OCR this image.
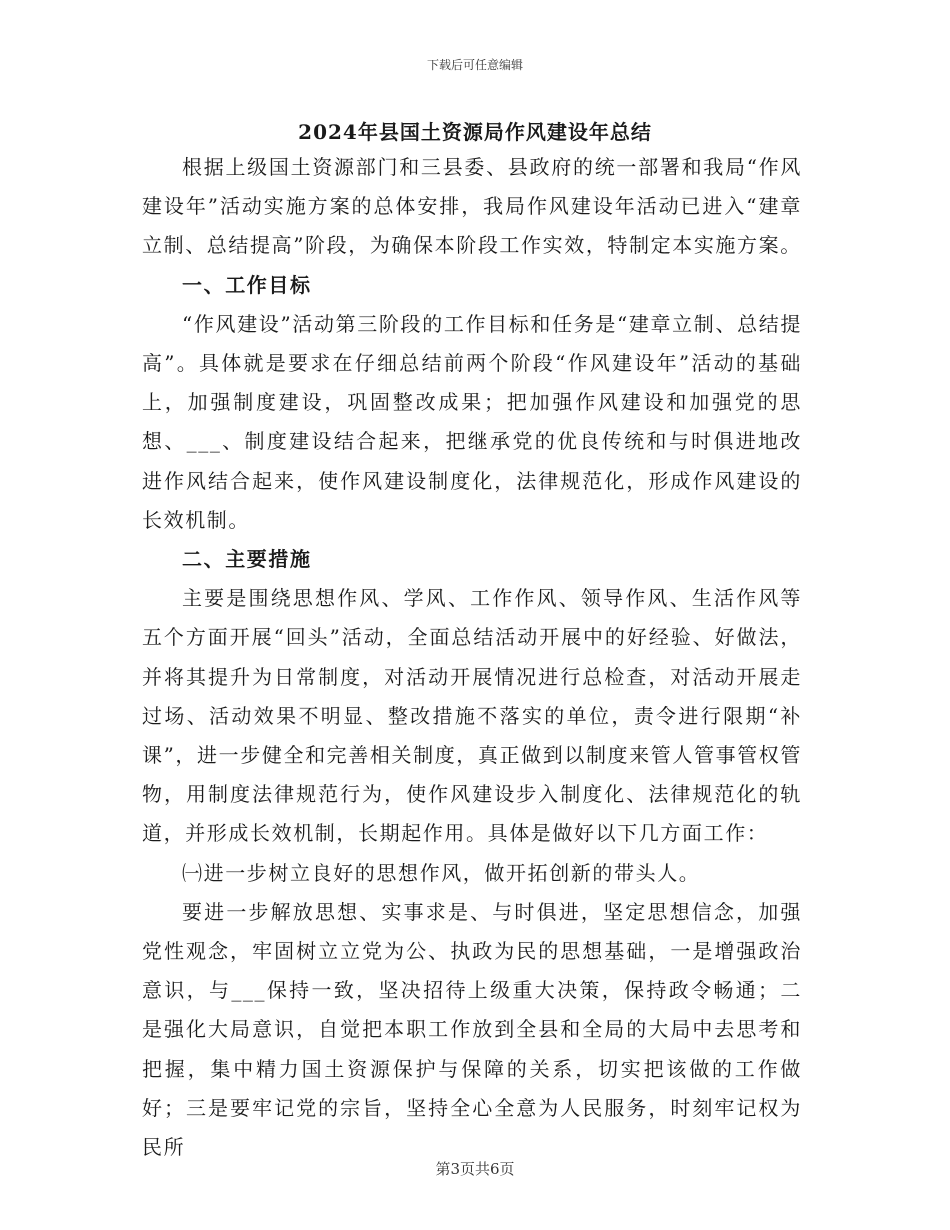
下载后可任意编辑
2024年县国土资源局作风建设年总结

根据上级国土资源部门和三县委、县政府的统一部署和我局“作风建设年”活动实施方案的总体安排，我局作风建设年活动已进入“建章立制、总结提高”阶段，为确保本阶段工作实效，特制定本实施方案。

一、工作目标

“作风建设”活动第三阶段的工作目标和任务是“建章立制、总结提高”。具体就是要求在仔细总结前两个阶段“作风建设年”活动的基础上，加强制度建设，巩固整改成果；把加强作风建设和加强党的思想、___、制度建设结合起来，把继承党的优良传统和与时俱进地改进作风结合起来，使作风建设制度化，法律规范化，形成作风建设的长效机制。

二、主要措施

主要是围绕思想作风、学风、工作作风、领导作风、生活作风等五个方面开展“回头”活动，全面总结活动开展中的好经验、好做法，并将其提升为日常制度，对活动开展情况进行总检查，对活动开展走过场、活动效果不明显、整改措施不落实的单位，责令进行限期“补课”，进一步健全和完善相关制度，真正做到以制度来管人管事管权管物，用制度法律规范行为，使作风建设步入制度化、法律规范化的轨道，并形成长效机制，长期起作用。具体是做好以下几方面工作：

㈠进一步树立良好的思想作风，做开拓创新的带头人。

要进一步解放思想、实事求是、与时俱进，坚定思想信念，加强党性观念，牢固树立立党为公、执政为民的思想基础，一是增强政治意识，与___保持一致，坚决招待上级重大决策，保持政令畅通；二是强化大局意识，自觉把本职工作放到全县和全局的大局中去思考和把握，集中精力国土资源保护与保障的关系，切实把该做的工作做好；三是要牢记党的宗旨，坚持全心全意为人民服务，时刻牢记权为民所

第3页共6页
